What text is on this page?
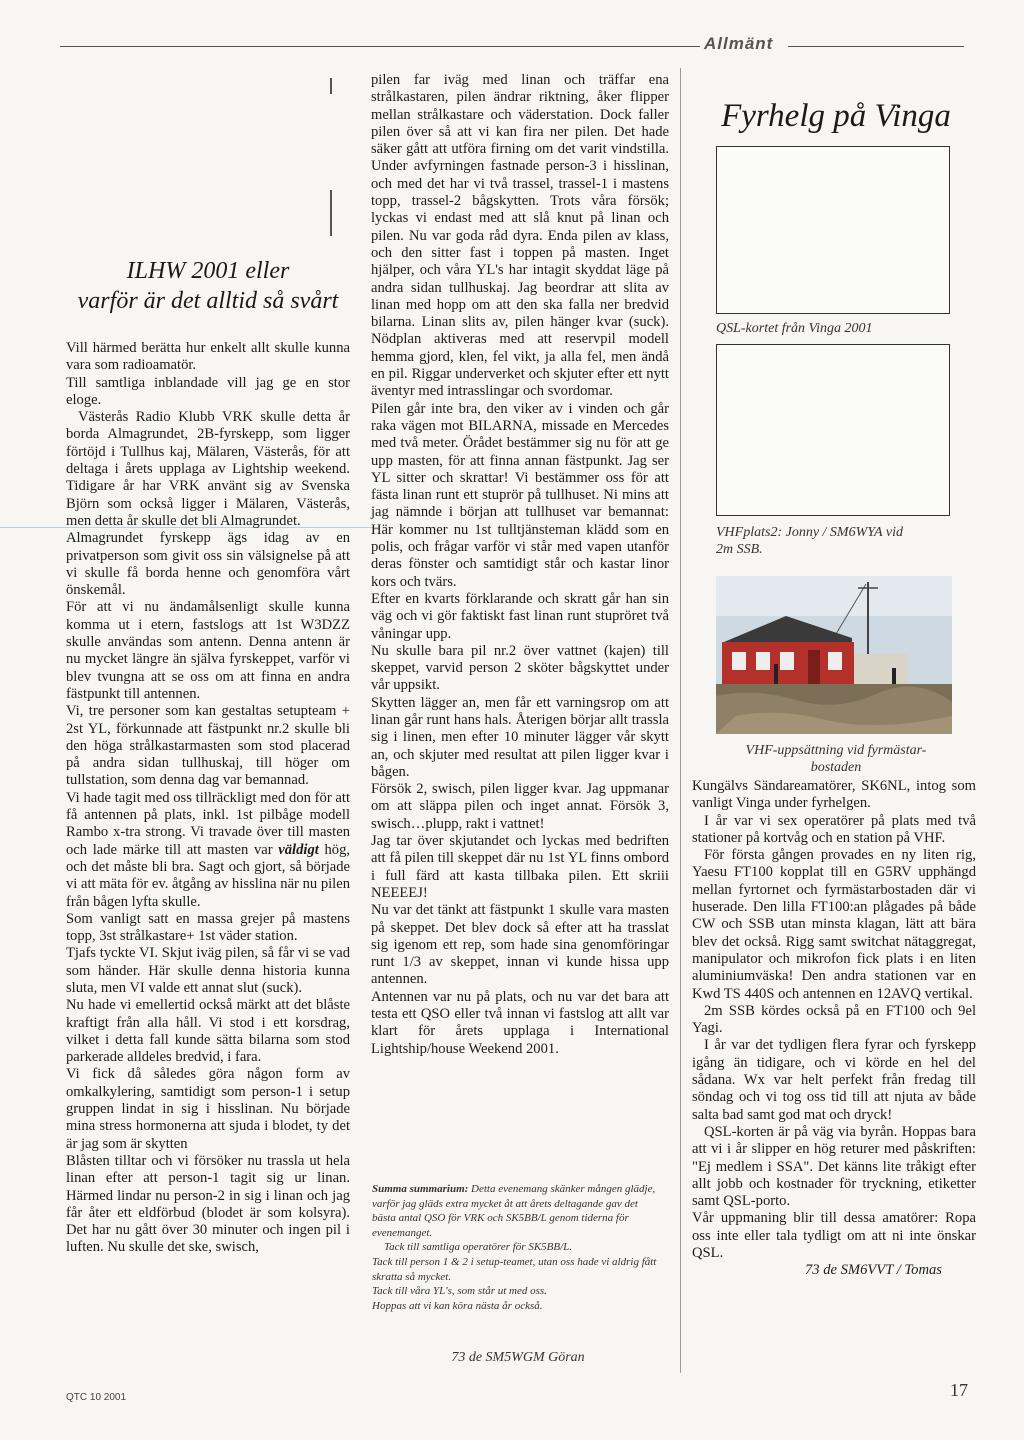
Allmänt
ILHW 2001 eller
varför är det alltid så svårt

Vill härmed berätta hur enkelt allt skulle kunna vara som radioamatör.

Till samtliga inblandade vill jag ge en stor eloge.

Västerås Radio Klubb VRK skulle detta år borda Almagrundet, 2B-fyrskepp, som ligger förtöjd i Tullhus kaj, Mälaren, Västerås, för att deltaga i årets upplaga av Lightship weekend. Tidigare år har VRK använt sig av Svenska Björn som också ligger i Mälaren, Västerås, men detta år skulle det bli Almagrundet.

Almagrundet fyrskepp ägs idag av en privatperson som givit oss sin välsignelse på att vi skulle få borda henne och genomföra vårt önskemål.

För att vi nu ändamålsenligt skulle kunna komma ut i etern, fastslogs att 1st W3DZZ skulle användas som antenn. Denna antenn är nu mycket längre än själva fyrskeppet, varför vi blev tvungna att se oss om att finna en andra fästpunkt till antennen.

Vi, tre personer som kan gestaltas setupteam + 2st YL, förkunnade att fästpunkt nr.2 skulle bli den höga strålkastarmasten som stod placerad på andra sidan tullhuskaj, till höger om tullstation, som denna dag var bemannad.

Vi hade tagit med oss tillräckligt med don för att få antennen på plats, inkl. 1st pilbåge modell Rambo x-tra strong. Vi travade över till masten och lade märke till att masten var väldigt hög, och det måste bli bra. Sagt och gjort, så började vi att mäta för ev. åtgång av hisslina när nu pilen från bågen lyfta skulle.

Som vanligt satt en massa grejer på mastens topp, 3st strålkastare+ 1st väder station.

Tjafs tyckte VI. Skjut iväg pilen, så får vi se vad som händer. Här skulle denna historia kunna sluta, men VI valde ett annat slut (suck).

Nu hade vi emellertid också märkt att det blåste kraftigt från alla håll. Vi stod i ett korsdrag, vilket i detta fall kunde sätta bilarna som stod parkerade alldeles bredvid, i fara.

Vi fick då således göra någon form av omkalkylering, samtidigt som person-1 i setup gruppen lindat in sig i hisslinan. Nu började mina stress hormonerna att sjuda i blodet, ty det är jag som är skytten

Blåsten tilltar och vi försöker nu trassla ut hela linan efter att person-1 tagit sig ur linan. Härmed lindar nu person-2 in sig i linan och jag får åter ett eldförbud (blodet är som kolsyra). Det har nu gått över 30 minuter och ingen pil i luften. Nu skulle det ske, swisch,

pilen far iväg med linan och träffar ena strålkastaren, pilen ändrar riktning, åker flipper mellan strålkastare och väderstation. Dock faller pilen över så att vi kan fira ner pilen. Det hade säker gått att utföra firning om det varit vindstilla. Under avfyrningen fastnade person-3 i hisslinan, och med det har vi två trassel, trassel-1 i mastens topp, trassel-2 bågskytten. Trots våra försök; lyckas vi endast med att slå knut på linan och pilen. Nu var goda råd dyra. Enda pilen av klass, och den sitter fast i toppen på masten. Inget hjälper, och våra YL's har intagit skyddat läge på andra sidan tullhuskaj. Jag beordrar att slita av linan med hopp om att den ska falla ner bredvid bilarna. Linan slits av, pilen hänger kvar (suck). Nödplan aktiveras med att reservpil modell hemma gjord, klen, fel vikt, ja alla fel, men ändå en pil. Riggar underverket och skjuter efter ett nytt äventyr med intrasslingar och svordomar.

Pilen går inte bra, den viker av i vinden och går raka vägen mot BILARNA, missade en Mercedes med två meter. Örådet bestämmer sig nu för att ge upp masten, för att finna annan fästpunkt. Jag ser YL sitter och skrattar! Vi bestämmer oss för att fästa linan runt ett stuprör på tullhuset. Ni mins att jag nämnde i början att tullhuset var bemannat: Här kommer nu 1st tulltjänsteman klädd som en polis, och frågar varför vi står med vapen utanför deras fönster och samtidigt står och kastar linor kors och tvärs.

Efter en kvarts förklarande och skratt går han sin väg och vi gör faktiskt fast linan runt stupröret två våningar upp.

Nu skulle bara pil nr.2 över vattnet (kajen) till skeppet, varvid person 2 sköter bågskyttet under vår uppsikt.

Skytten lägger an, men får ett varningsrop om att linan går runt hans hals. Återigen börjar allt trassla sig i linen, men efter 10 minuter lägger vår skytt an, och skjuter med resultat att pilen ligger kvar i bågen.

Försök 2, swisch, pilen ligger kvar. Jag uppmanar om att släppa pilen och inget annat. Försök 3, swisch…plupp, rakt i vattnet!

Jag tar över skjutandet och lyckas med bedriften att få pilen till skeppet där nu 1st YL finns ombord i full färd att kasta tillbaka pilen. Ett skriii NEEEEJ!

Nu var det tänkt att fästpunkt 1 skulle vara masten på skeppet. Det blev dock så efter att ha trasslat sig igenom ett rep, som hade sina genomföringar runt 1/3 av skeppet, innan vi kunde hissa upp antennen.

Antennen var nu på plats, och nu var det bara att testa ett QSO eller två innan vi fastslog att allt var klart för årets upplaga i International Lightship/house Weekend 2001.

Summa summarium: Detta evenemang skänker mången glädje, varför jag gläds extra mycket åt att årets deltagande gav det bästa antal QSO för VRK och SK5BB/L genom tiderna för evenemanget.

Tack till samtliga operatörer för SK5BB/L.

Tack till person 1 & 2 i setup-teamet, utan oss hade vi aldrig fått skratta så mycket.

Tack till våra YL's, som står ut med oss.

Hoppas att vi kan köra nästa år också.

73 de SM5WGM Göran
Fyrhelg på Vinga
QSL-kortet från Vinga 2001
VHFplats2: Jonny / SM6WYA vid
2m SSB.
VHF-uppsättning vid fyrmästar-
bostaden

Kungälvs Sändareamatörer, SK6NL, intog som vanligt Vinga under fyrhelgen.

I år var vi sex operatörer på plats med två stationer på kortvåg och en station på VHF.

För första gången provades en ny liten rig, Yaesu FT100 kopplat till en G5RV upphängd mellan fyrtornet och fyrmästarbostaden där vi huserade. Den lilla FT100:an plågades på både CW och SSB utan minsta klagan, lätt att bära blev det också. Rigg samt switchat nätaggregat, manipulator och mikrofon fick plats i en liten aluminiumväska! Den andra stationen var en Kwd TS 440S och antennen en 12AVQ vertikal.

2m SSB kördes också på en FT100 och 9el Yagi.

I år var det tydligen flera fyrar och fyrskepp igång än tidigare, och vi körde en hel del sådana. Wx var helt perfekt från fredag till söndag och vi tog oss tid till att njuta av både salta bad samt god mat och dryck!

QSL-korten är på väg via byrån. Hoppas bara att vi i år slipper en hög returer med påskriften: "Ej medlem i SSA". Det känns lite tråkigt efter allt jobb och kostnader för tryckning, etiketter samt QSL-porto.

Vår uppmaning blir till dessa amatörer: Ropa oss inte eller tala tydligt om att ni inte önskar QSL.

73 de SM6VVT / Tomas

QTC 10 2001	17
